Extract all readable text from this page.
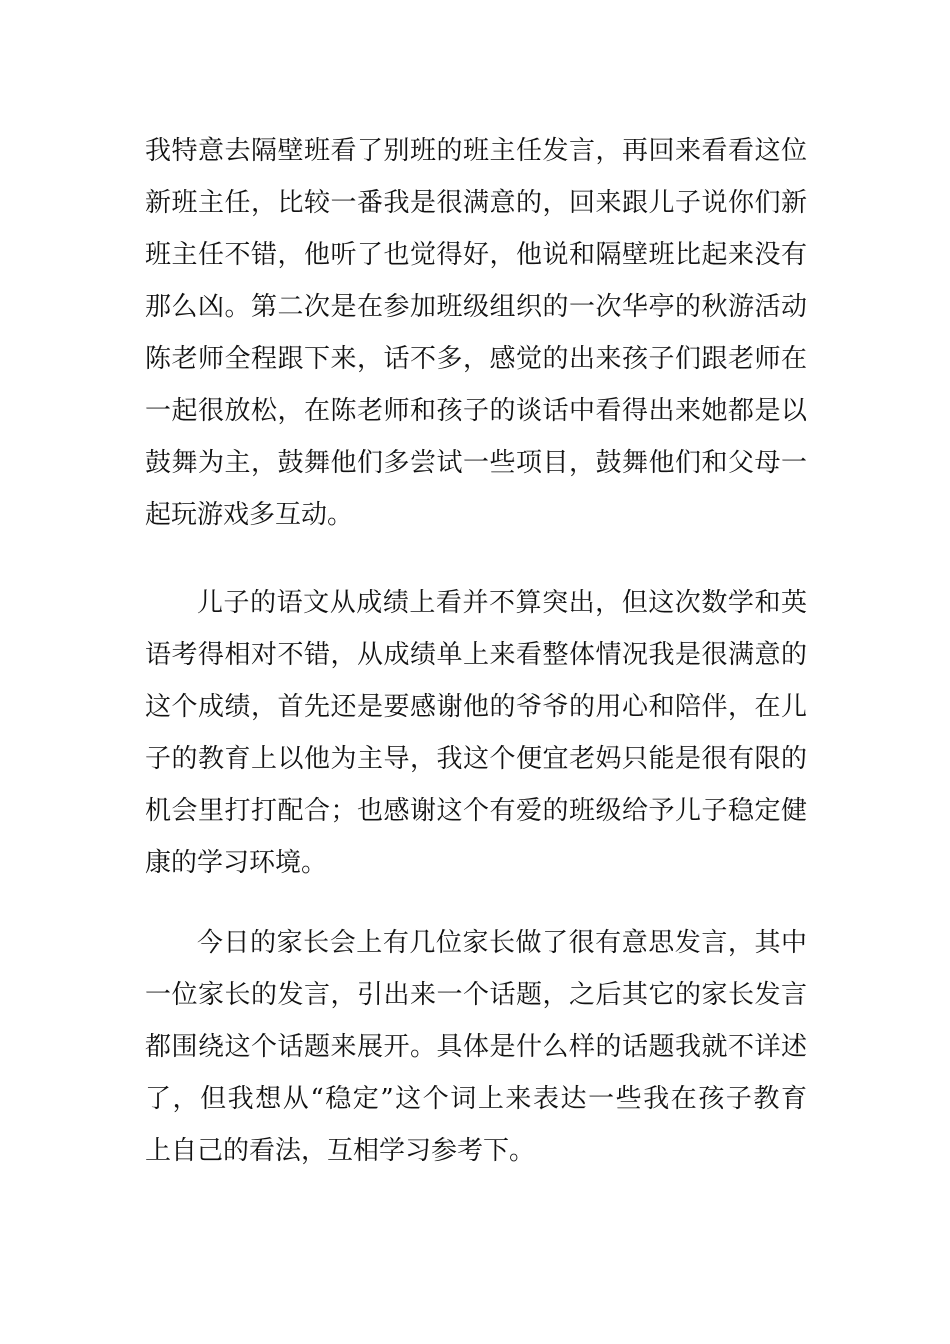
我特意去隔壁班看了别班的班主任发言，再回来看看这位
新班主任，比较一番我是很满意的，回来跟儿子说你们新
班主任不错，他听了也觉得好，他说和隔壁班比起来没有
那么凶。第二次是在参加班级组织的一次华亭的秋游活动
陈老师全程跟下来，话不多，感觉的出来孩子们跟老师在
一起很放松，在陈老师和孩子的谈话中看得出来她都是以
鼓舞为主，鼓舞他们多尝试一些项目，鼓舞他们和父母一
起玩游戏多互动。
儿子的语文从成绩上看并不算突出，但这次数学和英
语考得相对不错，从成绩单上来看整体情况我是很满意的
这个成绩，首先还是要感谢他的爷爷的用心和陪伴，在儿
子的教育上以他为主导，我这个便宜老妈只能是很有限的
机会里打打配合；也感谢这个有爱的班级给予儿子稳定健
康的学习环境。
今日的家长会上有几位家长做了很有意思发言，其中
一位家长的发言，引出来一个话题，之后其它的家长发言
都围绕这个话题来展开。具体是什么样的话题我就不详述
了，但我想从“稳定”这个词上来表达一些我在孩子教育
上自己的看法，互相学习参考下。
